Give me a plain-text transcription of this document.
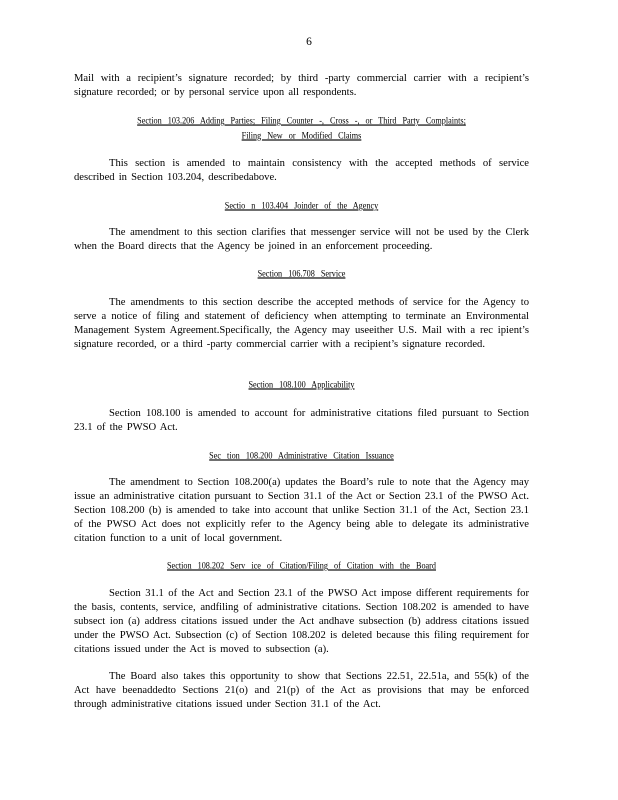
6

Mail with a recipient’s signature recorded; by third -party commercial carrier with a recipient’s signature recorded; or by personal service upon all respondents.

Section 103.206 Adding Parties; Filing Counter -, Cross -, or Third Party Complaints;
Filing New or Modified Claims

This section is amended to maintain consistency with the accepted methods of service described in Section 103.204, describedabove.

Sectio n 103.404 Joinder of the Agency

The amendment to this section clarifies that messenger service will not be used by the Clerk when the Board directs that the Agency be joined in an enforcement proceeding.

Section 106.708 Service

The amendments to this section describe the accepted methods of service for the Agency to serve a notice of filing and statement of deficiency when attempting to terminate an Environmental Management System Agreement.Specifically, the Agency may useeither U.S. Mail with a rec ipient’s signature recorded, or a third -party commercial carrier with a recipient’s signature recorded.

Section 108.100 Applicability

Section 108.100 is amended to account for administrative citations filed pursuant to Section 23.1 of the PWSO Act.

Sec tion 108.200 Administrative Citation Issuance

The amendment to Section 108.200(a) updates the Board’s rule to note that the Agency may issue an administrative citation pursuant to Section 31.1 of the Act or Section 23.1 of the PWSO Act. Section 108.200 (b) is amended to take into account that unlike Section 31.1 of the Act, Section 23.1 of the PWSO Act does not explicitly refer to the Agency being able to delegate its administrative citation function to a unit of local government.

Section 108.202 Serv ice of Citation/Filing of Citation with the Board

Section 31.1 of the Act and Section 23.1 of the PWSO Act impose different requirements for the basis, contents, service, andfiling of administrative citations. Section 108.202 is amended to have subsect ion (a) address citations issued under the Act andhave subsection (b) address citations issued under the PWSO Act. Subsection (c) of Section 108.202 is deleted because this filing requirement for citations issued under the Act is moved to subsection (a).

The Board also takes this opportunity to show that Sections 22.51, 22.51a, and 55(k) of the Act have beenaddedto Sections 21(o) and 21(p) of the Act as provisions that may be enforced through administrative citations issued under Section 31.1 of the Act.
